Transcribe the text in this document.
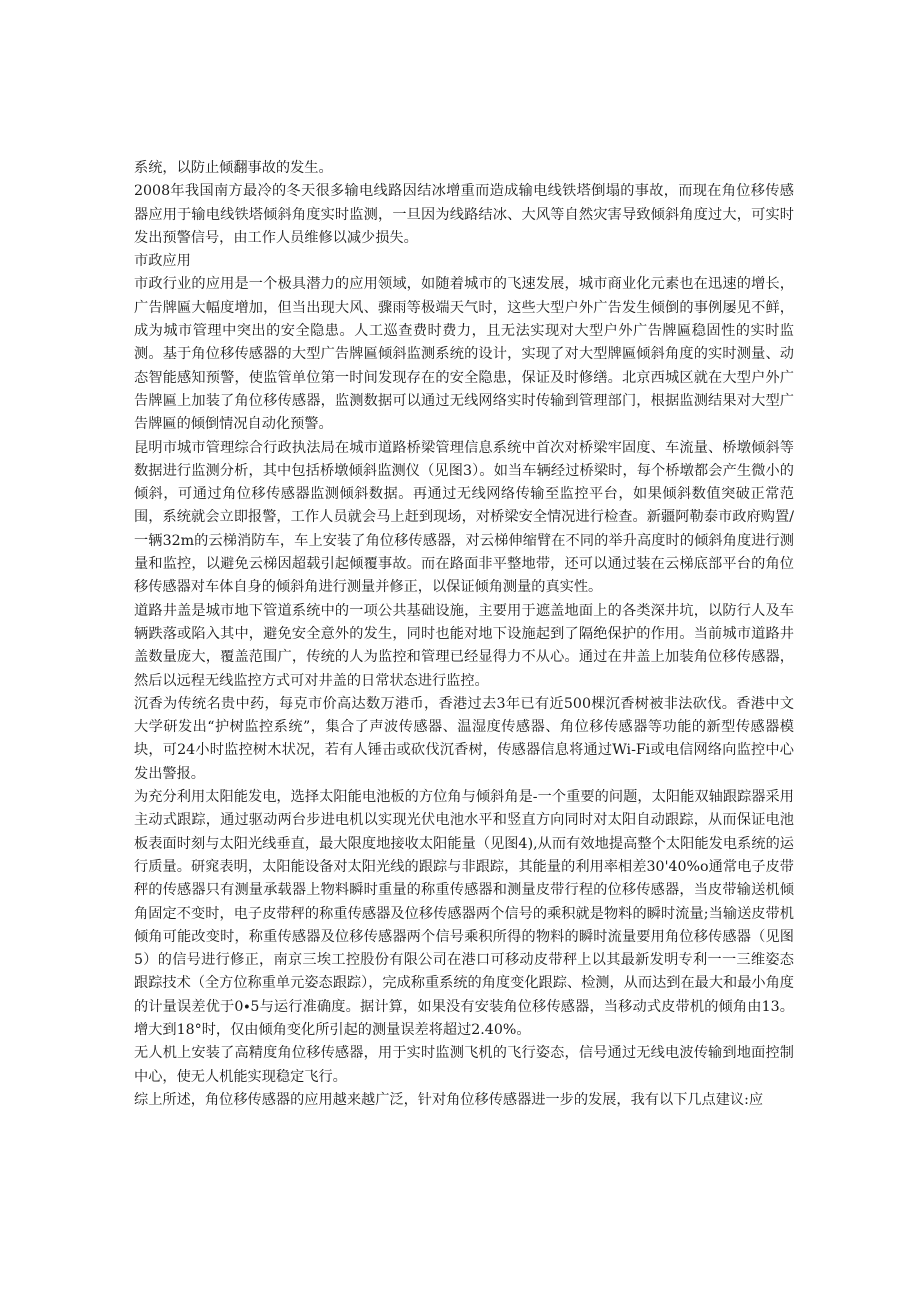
系统，以防止倾翻事故的发生。

2008年我国南方最冷的冬天很多输电线路因结冰增重而造成输电线铁塔倒塌的事故，而现在角位移传感器应用于输电线铁塔倾斜角度实时监测，一旦因为线路结冰、大风等自然灾害导致倾斜角度过大，可实时发出预警信号，由工作人员维修以减少损失。

市政应用

市政行业的应用是一个极具潜力的应用领域，如随着城市的飞速发展，城市商业化元素也在迅速的增长，广告牌匾大幅度增加，但当出现大风、骤雨等极端天气时，这些大型户外广告发生倾倒的事例屡见不鲜，成为城市管理中突出的安全隐患。人工巡查费时费力，且无法实现对大型户外广告牌匾稳固性的实时监测。基于角位移传感器的大型广告牌匾倾斜监测系统的设计，实现了对大型牌匾倾斜角度的实时测量、动态智能感知预警，使监管单位第一时间发现存在的安全隐患，保证及时修缮。北京西城区就在大型户外广告牌匾上加装了角位移传感器，监测数据可以通过无线网络实时传输到管理部门，根据监测结果对大型广告牌匾的倾倒情况自动化预警。

昆明市城市管理综合行政执法局在城市道路桥梁管理信息系统中首次对桥梁牢固度、车流量、桥墩倾斜等数据进行监测分析，其中包括桥墩倾斜监测仪（见图3）。如当车辆经过桥梁时，每个桥墩都会产生微小的倾斜，可通过角位移传感器监测倾斜数据。再通过无线网络传输至监控平台，如果倾斜数值突破正常范围，系统就会立即报警，工作人员就会马上赶到现场，对桥梁安全情况进行检查。新疆阿勒泰市政府购置/一辆32m的云梯消防车，车上安装了角位移传感器，对云梯伸缩臂在不同的举升高度时的倾斜角度进行测量和监控，以避免云梯因超载引起倾覆事故。而在路面非平整地带，还可以通过装在云梯底部平台的角位移传感器对车体自身的倾斜角进行测量并修正，以保证倾角测量的真实性。

道路井盖是城市地下管道系统中的一项公共基础设施，主要用于遮盖地面上的各类深井坑，以防行人及车辆跌落或陷入其中，避免安全意外的发生，同时也能对地下设施起到了隔绝保护的作用。当前城市道路井盖数量庞大，覆盖范围广，传统的人为监控和管理已经显得力不从心。通过在井盖上加装角位移传感器，然后以远程无线监控方式可对井盖的日常状态进行监控。

沉香为传统名贵中药，每克市价高达数万港币，香港过去3年已有近500棵沉香树被非法砍伐。香港中文大学研发出“护树监控系统”，集合了声波传感器、温湿度传感器、角位移传感器等功能的新型传感器模块，可24小时监控树木状况，若有人锤击或砍伐沉香树，传感器信息将通过Wi-Fi或电信网络向监控中心发出警报。

为充分利用太阳能发电，选择太阳能电池板的方位角与倾斜角是-一个重要的问题，太阳能双轴跟踪器采用主动式跟踪，通过驱动两台步进电机以实现光伏电池水平和竖直方向同时对太阳自动跟踪，从而保证电池板表面时刻与太阳光线垂直，最大限度地接收太阳能量（见图4),从而有效地提高整个太阳能发电系统的运行质量。研窕表明，太阳能设备对太阳光线的跟踪与非跟踪，其能量的利用率相差30'40%o通常电子皮带秤的传感器只有测量承载器上物料瞬时重量的称重传感器和测量皮带行程的位移传感器，当皮带输送机倾角固定不变时，电子皮带秤的称重传感器及位移传感器两个信号的乘积就是物料的瞬时流量;当输送皮带机倾角可能改变时，称重传感器及位移传感器两个信号乘积所得的物料的瞬时流量要用角位移传感器（见图5）的信号进行修正，南京三埃工控股份有限公司在港口可移动皮带秤上以其最新发明专利一一三维姿态跟踪技术（全方位称重单元姿态跟踪），完成称重系统的角度变化跟踪、检测，从而达到在最大和最小角度的计量误差优于0∙5与运行准确度。据计算，如果没有安装角位移传感器，当移动式皮带机的倾角由13。增大到18°时，仅由倾角变化所引起的测量误差将超过2.40%。

无人机上安装了高精度角位移传感器，用于实时监测飞机的飞行姿态，信号通过无线电波传输到地面控制中心，使无人机能实现稳定飞行。

综上所述，角位移传感器的应用越来越广泛，针对角位移传感器进一步的发展，我有以下几点建议:应
